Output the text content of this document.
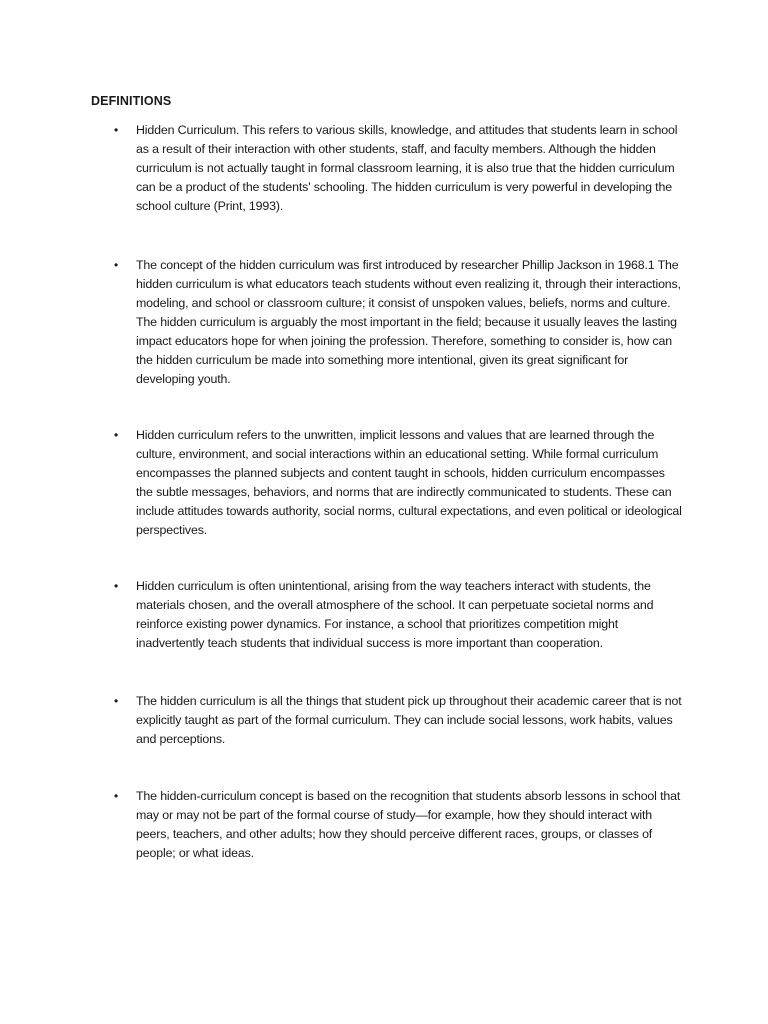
DEFINITIONS
• Hidden Curriculum. This refers to various skills, knowledge, and attitudes that students learn in school as a result of their interaction with other students, staff, and faculty members. Although the hidden curriculum is not actually taught in formal classroom learning, it is also true that the hidden curriculum can be a product of the students' schooling. The hidden curriculum is very powerful in developing the school culture (Print, 1993).

• The concept of the hidden curriculum was first introduced by researcher Phillip Jackson in 1968.1 The hidden curriculum is what educators teach students without even realizing it, through their interactions, modeling, and school or classroom culture; it consist of unspoken values, beliefs, norms and culture. The hidden curriculum is arguably the most important in the field; because it usually leaves the lasting impact educators hope for when joining the profession. Therefore, something to consider is, how can the hidden curriculum be made into something more intentional, given its great significant for developing youth.

• Hidden curriculum refers to the unwritten, implicit lessons and values that are learned through the culture, environment, and social interactions within an educational setting. While formal curriculum encompasses the planned subjects and content taught in schools, hidden curriculum encompasses the subtle messages, behaviors, and norms that are indirectly communicated to students. These can include attitudes towards authority, social norms, cultural expectations, and even political or ideological perspectives.

• Hidden curriculum is often unintentional, arising from the way teachers interact with students, the materials chosen, and the overall atmosphere of the school. It can perpetuate societal norms and reinforce existing power dynamics. For instance, a school that prioritizes competition might inadvertently teach students that individual success is more important than cooperation.

• The hidden curriculum is all the things that student pick up throughout their academic career that is not explicitly taught as part of the formal curriculum. They can include social lessons, work habits, values and perceptions.

• The hidden-curriculum concept is based on the recognition that students absorb lessons in school that may or may not be part of the formal course of study—for example, how they should interact with peers, teachers, and other adults; how they should perceive different races, groups, or classes of people; or what ideas.
